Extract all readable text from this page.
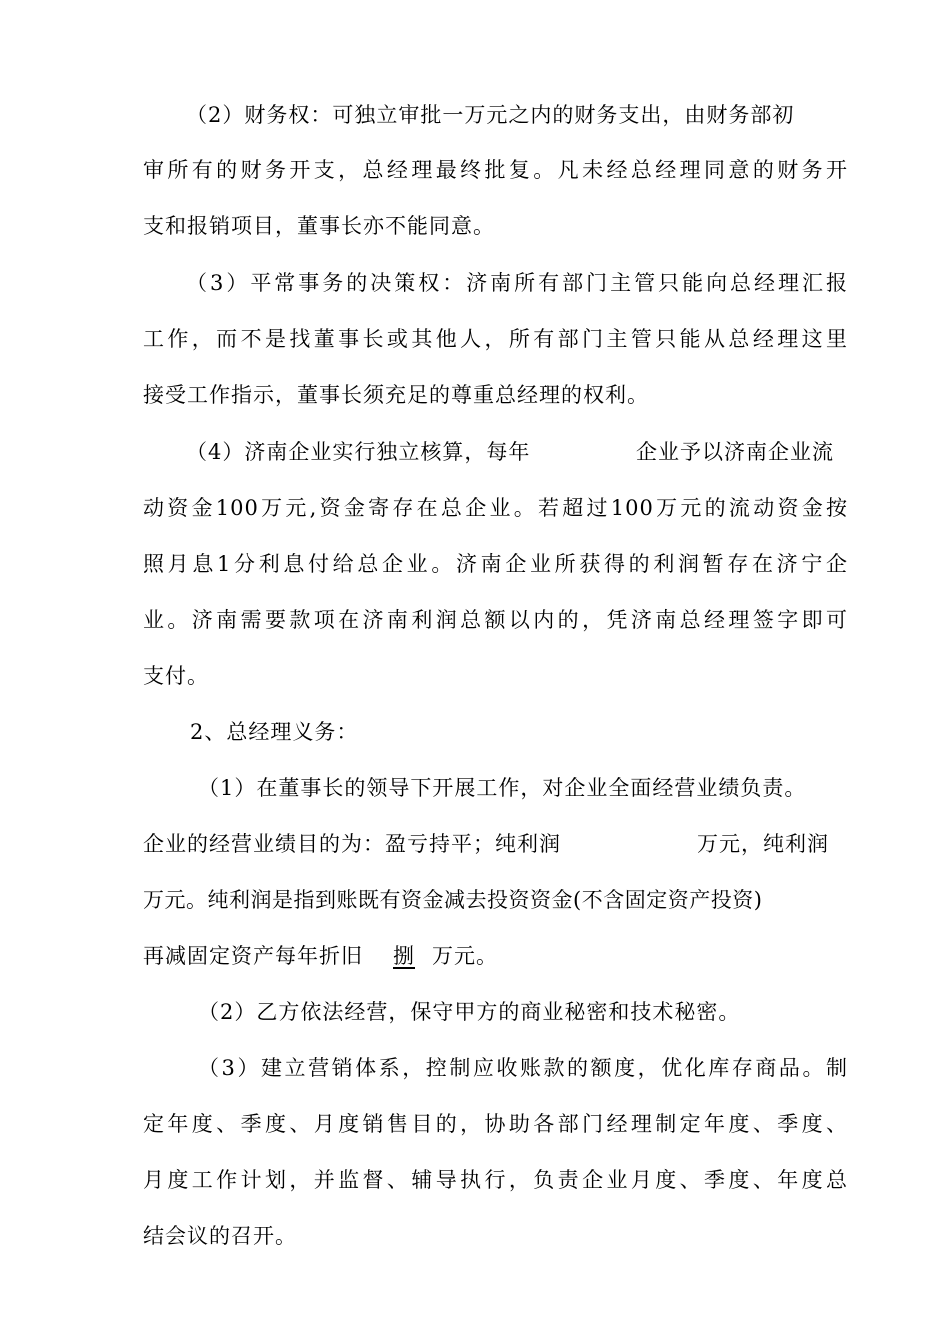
（2）财务权：可独立审批一万元之内的财务支出，由财务部初
审所有的财务开支，总经理最终批复。凡未经总经理同意的财务开
支和报销项目，董事长亦不能同意。
（3）平常事务的决策权：济南所有部门主管只能向总经理汇报
工作，而不是找董事长或其他人，所有部门主管只能从总经理这里
接受工作指示，董事长须充足的尊重总经理的权利。
（4）济南企业实行独立核算，每年	企业予以济南企业流
动资金100万元,资金寄存在总企业。若超过100万元的流动资金按
照月息1分利息付给总企业。济南企业所获得的利润暂存在济宁企
业。济南需要款项在济南利润总额以内的，凭济南总经理签字即可
支付。
2、总经理义务：
（1）在董事长的领导下开展工作，对企业全面经营业绩负责。
企业的经营业绩目的为：盈亏持平；纯利润	万元，纯利润
万元。纯利润是指到账既有资金减去投资资金(不含固定资产投资)
再减固定资产每年折旧	捌 万元。
（2）乙方依法经营，保守甲方的商业秘密和技术秘密。
（3）建立营销体系，控制应收账款的额度，优化库存商品。制
定年度、季度、月度销售目的，协助各部门经理制定年度、季度、
月度工作计划，并监督、辅导执行，负责企业月度、季度、年度总
结会议的召开。
